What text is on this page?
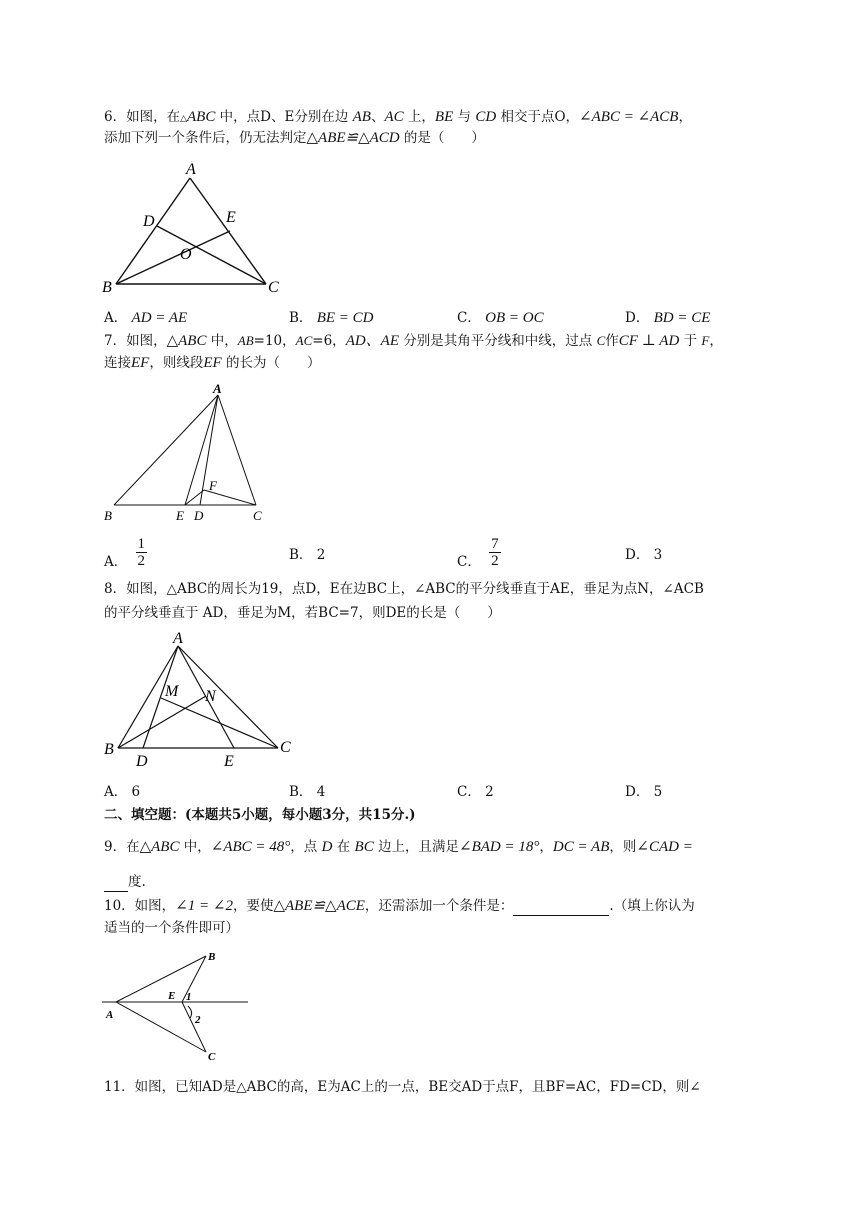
6．如图，在△ABC 中，点D、E分别在边 AB、AC 上，BE 与 CD 相交于点O，∠ABC = ∠ACB，
添加下列一个条件后，仍无法判定△ABE≌△ACD 的是（　　）
A
D	E
O
B	C
A． AD = AE	B． BE = CD	C． OB = OC	D． BD = CE
7．如图，△ABC 中，AB=10，AC=6，AD、AE 分别是其角平分线和中线，过点 C作CF ⊥ AD 于 F，
连接EF，则线段EF 的长为（　　）
A
F
B	E D	C
A． $\frac{1}{2}$	B． 2	C． $\frac{7}{2}$	D． 3
8．如图，△ABC的周长为19，点D，E在边BC上，∠ABC的平分线垂直于AE，垂足为点N，∠ACB
的平分线垂直于 AD，垂足为M，若BC=7，则DE的长是（　　）
A
M N
B	C
D	E
A． 6	B． 4	C． 2	D． 5
二、填空题：(本题共5小题，每小题3分，共15分.)
9．在△ABC 中，∠ABC = 48°，点 D 在 BC 边上，且满足∠BAD = 18°，DC = AB，则∠CAD =
度.
10．如图，∠1 = ∠2，要使△ABE≌△ACE，还需添加一个条件是：	.（填上你认为
适当的一个条件即可）
B
E 1
2
A
C
11．如图，已知AD是△ABC的高，E为AC上的一点，BE交AD于点F，且BF=AC，FD=CD，则∠
